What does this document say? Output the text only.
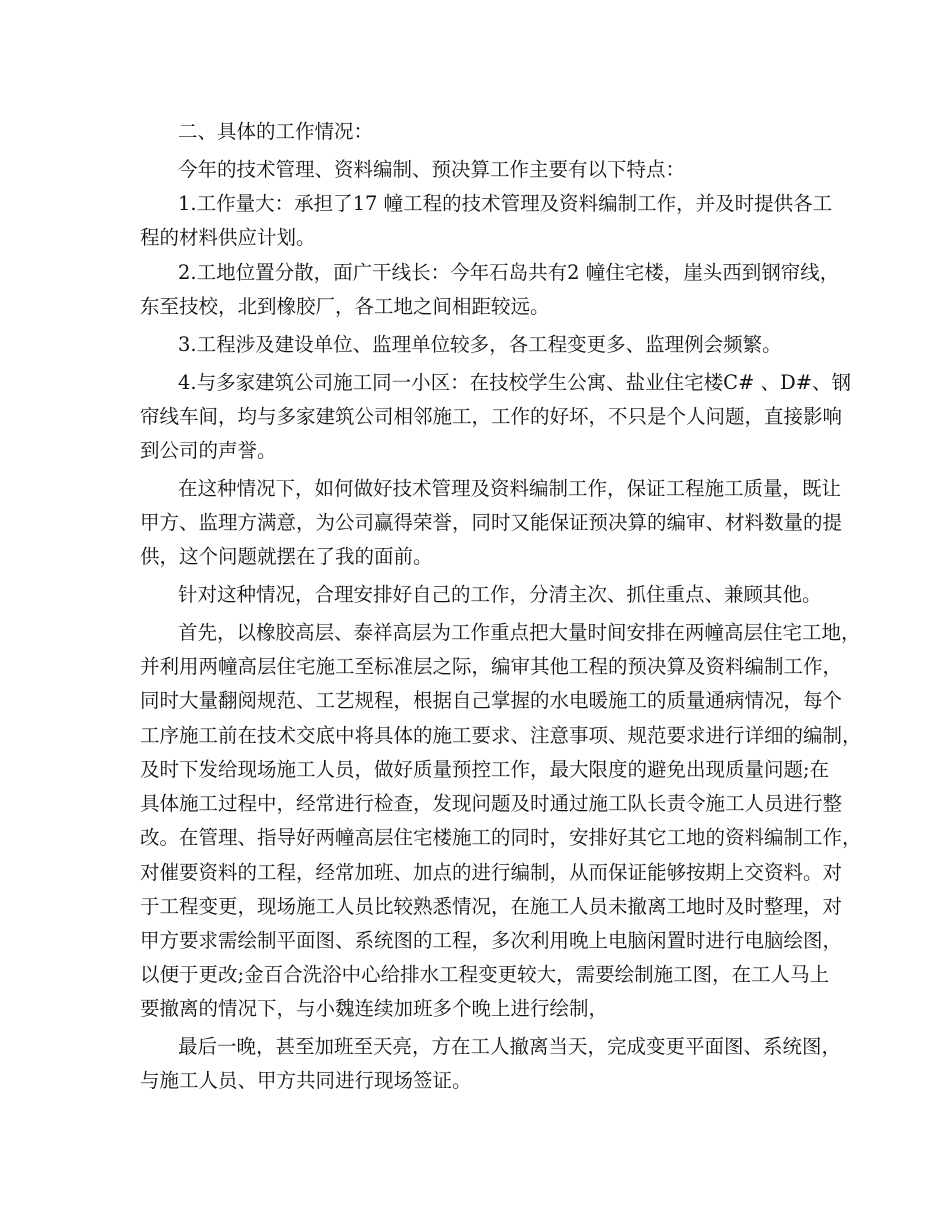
二、具体的工作情况：
今年的技术管理、资料编制、预决算工作主要有以下特点：
1.工作量大：承担了17 幢工程的技术管理及资料编制工作，并及时提供各工
程的材料供应计划。
2.工地位置分散，面广干线长：今年石岛共有2 幢住宅楼，崖头西到钢帘线，
东至技校，北到橡胶厂，各工地之间相距较远。
3.工程涉及建设单位、监理单位较多，各工程变更多、监理例会频繁。
4.与多家建筑公司施工同一小区：在技校学生公寓、盐业住宅楼C# 、D#、钢
帘线车间，均与多家建筑公司相邻施工，工作的好坏，不只是个人问题，直接影响
到公司的声誉。
在这种情况下，如何做好技术管理及资料编制工作，保证工程施工质量，既让
甲方、监理方满意，为公司赢得荣誉，同时又能保证预决算的编审、材料数量的提
供，这个问题就摆在了我的面前。
针对这种情况，合理安排好自己的工作，分清主次、抓住重点、兼顾其他。
首先，以橡胶高层、泰祥高层为工作重点把大量时间安排在两幢高层住宅工地，
并利用两幢高层住宅施工至标准层之际，编审其他工程的预决算及资料编制工作，
同时大量翻阅规范、工艺规程，根据自己掌握的水电暖施工的质量通病情况，每个
工序施工前在技术交底中将具体的施工要求、注意事项、规范要求进行详细的编制，
及时下发给现场施工人员，做好质量预控工作，最大限度的避免出现质量问题;在
具体施工过程中，经常进行检查，发现问题及时通过施工队长责令施工人员进行整
改。在管理、指导好两幢高层住宅楼施工的同时，安排好其它工地的资料编制工作，
对催要资料的工程，经常加班、加点的进行编制，从而保证能够按期上交资料。对
于工程变更，现场施工人员比较熟悉情况，在施工人员未撤离工地时及时整理，对
甲方要求需绘制平面图、系统图的工程，多次利用晚上电脑闲置时进行电脑绘图，
以便于更改;金百合洗浴中心给排水工程变更较大，需要绘制施工图，在工人马上
要撤离的情况下，与小魏连续加班多个晚上进行绘制，
最后一晚，甚至加班至天亮，方在工人撤离当天，完成变更平面图、系统图，
与施工人员、甲方共同进行现场签证。
